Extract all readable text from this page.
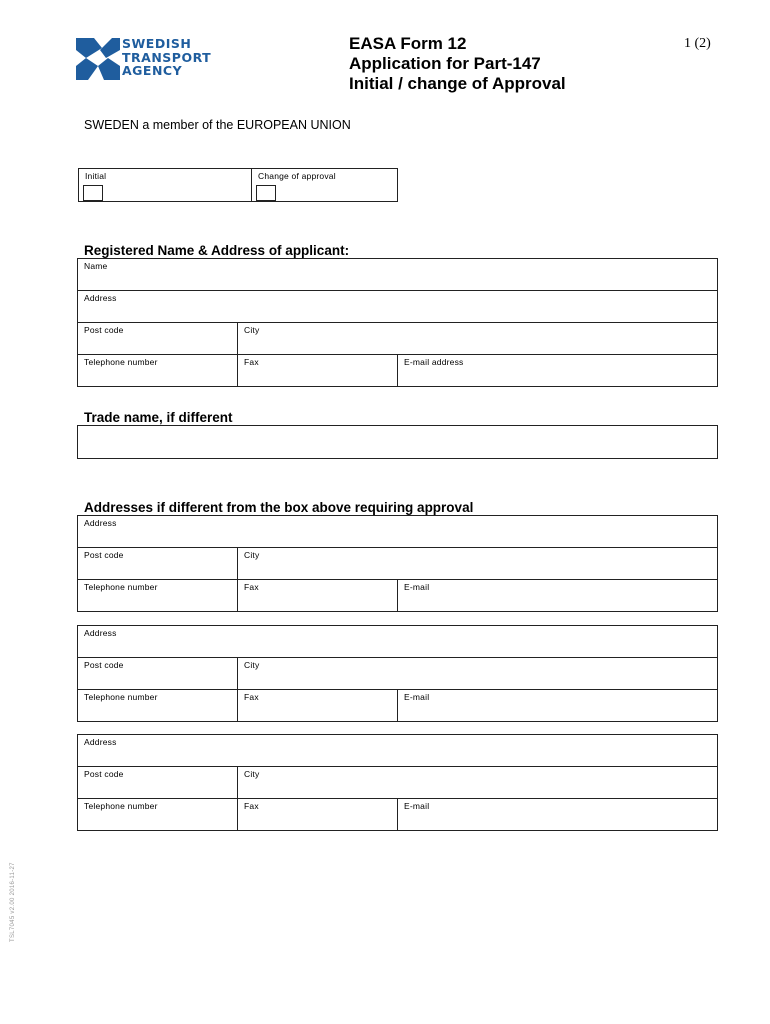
SWEDISH
TRANSPORT
AGENCY
EASA Form 12
Application for Part-147
Initial / change of Approval
1 (2)
SWEDEN a member of the EUROPEAN UNION
Initial	Change of approval
Registered Name & Address of applicant:
Name		
Address		
Post code	City	
Telephone number	Fax	E-mail address
Trade name, if different
Addresses if different from the box above requiring approval
Address		
Post code	City	
Telephone number	Fax	E-mail
Address		
Post code	City	
Telephone number	Fax	E-mail
Address		
Post code	City	
Telephone number	Fax	E-mail
TSL7045 v2.00 2016-11-27
